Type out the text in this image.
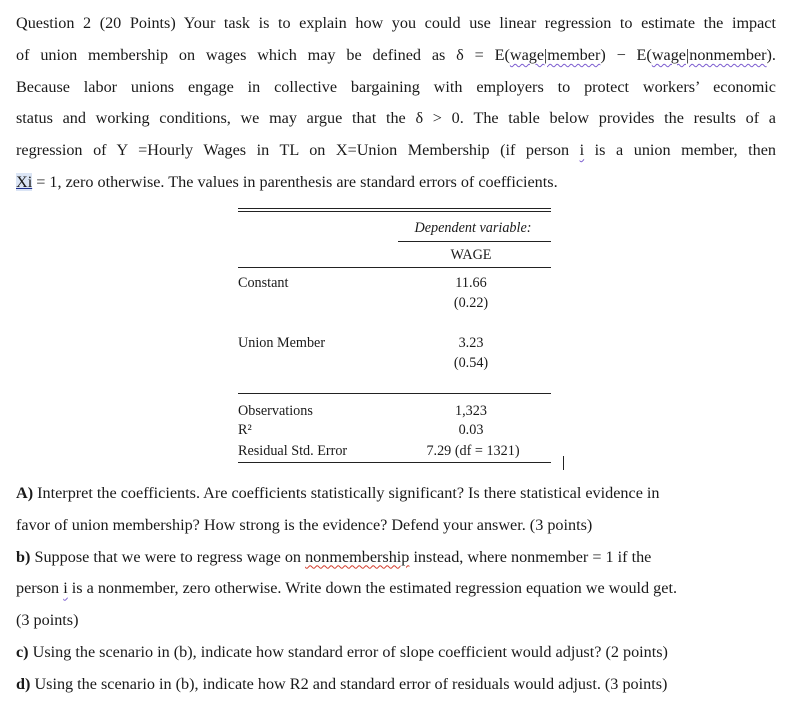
Question 2 (20 Points) Your task is to explain how you could use linear regression to estimate the impact
of union membership on wages which may be defined as δ = E(wage|member) − E(wage|nonmember).
Because labor unions engage in collective bargaining with employers to protect workers’ economic
status and working conditions, we may argue that the δ > 0. The table below provides the results of a
regression of Y =Hourly Wages in TL on X=Union Membership (if person i is a union member, then
Xi = 1, zero otherwise. The values in parenthesis are standard errors of coefficients.
Dependent variable:
WAGE
Constant	11.66
(0.22)
Union Member	3.23
(0.54)
Observations	1,323
R²	0.03
Residual Std. Error	7.29 (df = 1321)
A) Interpret the coefficients. Are coefficients statistically significant? Is there statistical evidence in
favor of union membership? How strong is the evidence? Defend your answer. (3 points)
b) Suppose that we were to regress wage on nonmembership instead, where nonmember = 1 if the
person i is a nonmember, zero otherwise. Write down the estimated regression equation we would get.
(3 points)
c) Using the scenario in (b), indicate how standard error of slope coefficient would adjust? (2 points)
d) Using the scenario in (b), indicate how R2 and standard error of residuals would adjust. (3 points)
